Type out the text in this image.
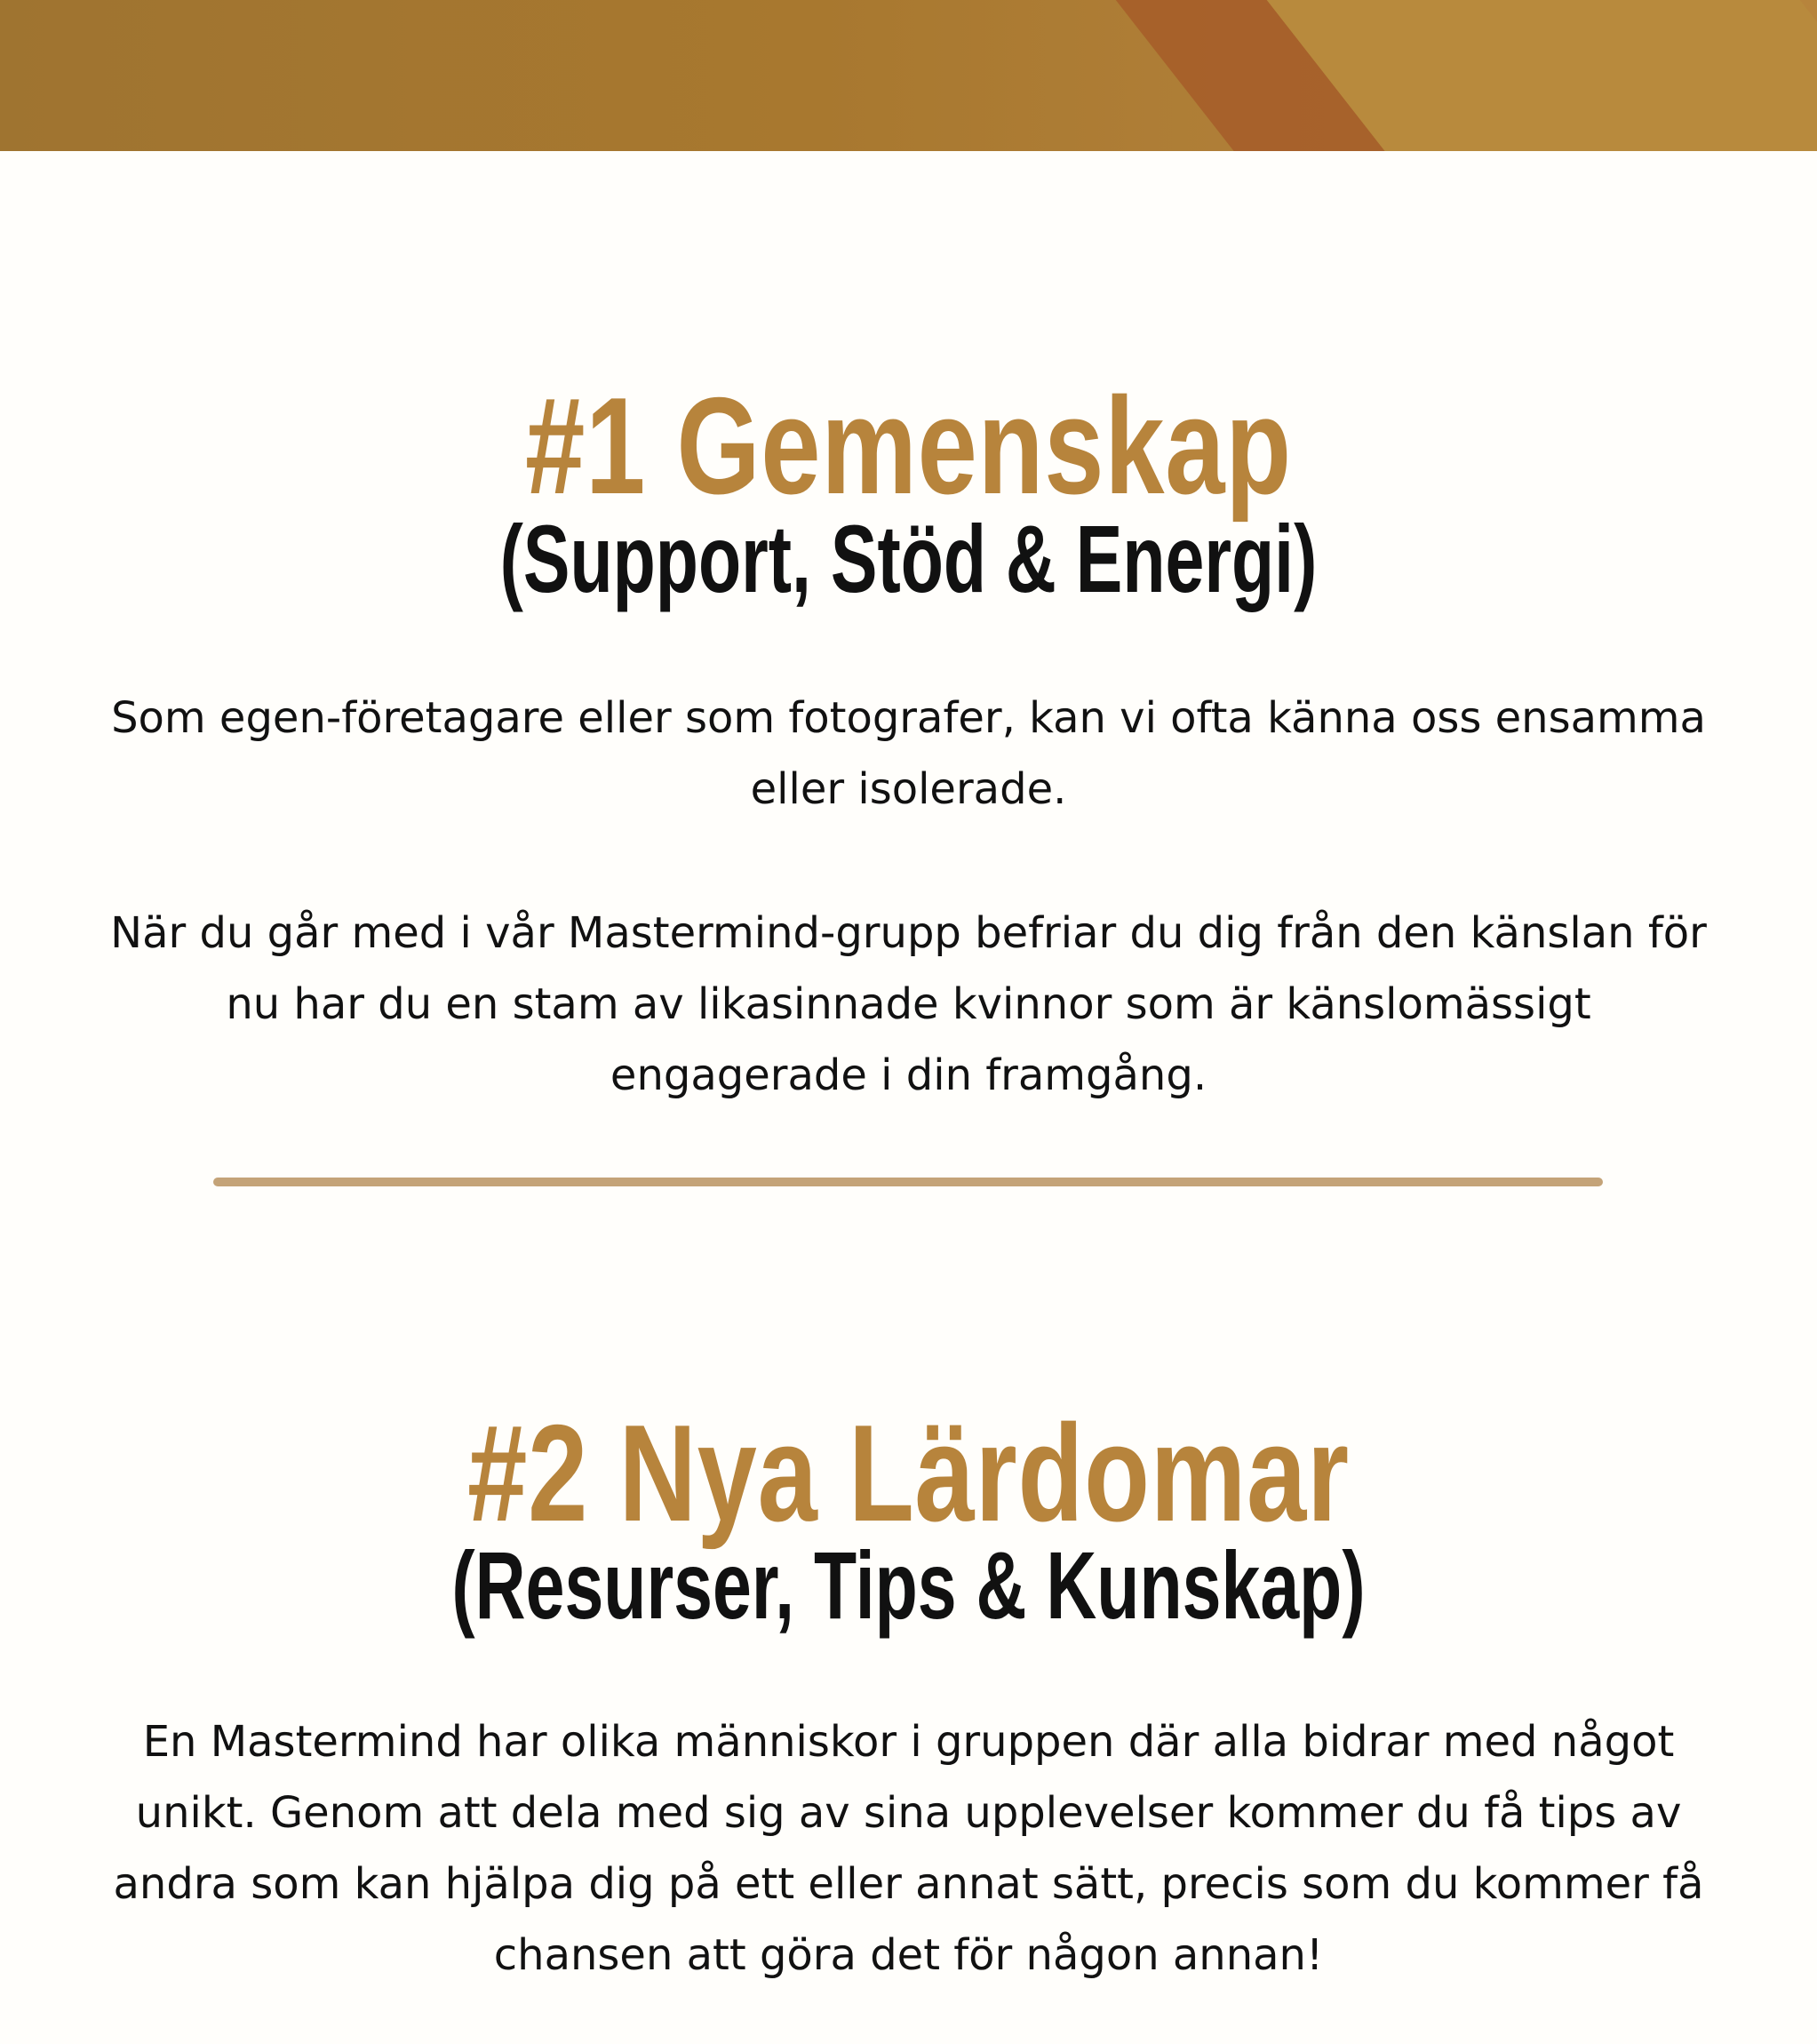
#1 Gemenskap
(Support, Stöd & Energi)

Som egen-företagare eller som fotografer, kan vi ofta känna oss ensamma eller isolerade.

När du går med i vår Mastermind-grupp befriar du dig från den känslan för nu har du en stam av likasinnade kvinnor som är känslomässigt engagerade i din framgång.

#2 Nya Lärdomar
(Resurser, Tips & Kunskap)

En Mastermind har olika människor i gruppen där alla bidrar med något unikt. Genom att dela med sig av sina upplevelser kommer du få tips av andra som kan hjälpa dig på ett eller annat sätt, precis som du kommer få chansen att göra det för någon annan!
